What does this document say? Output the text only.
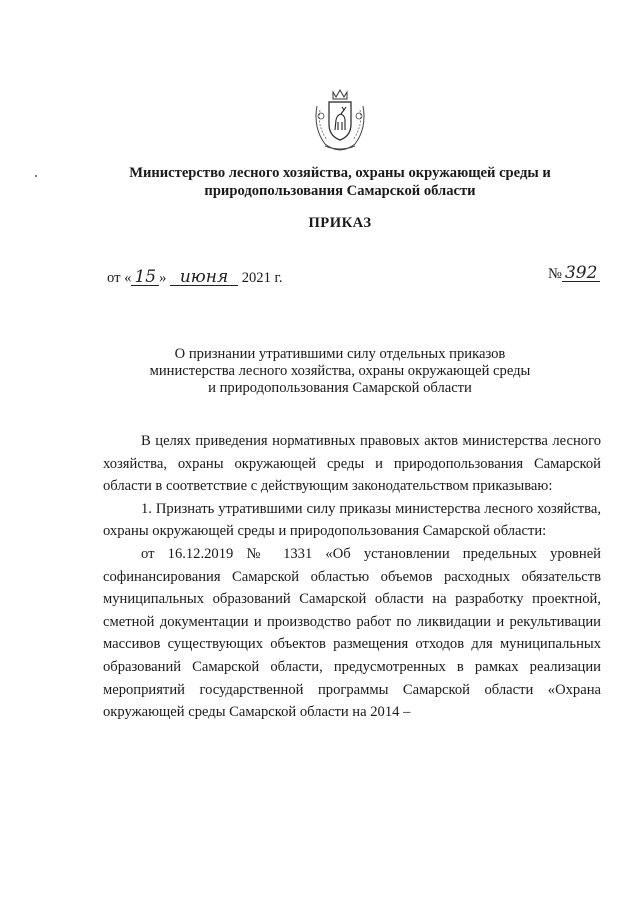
Министерство лесного хозяйства, охраны окружающей среды и
природопользования Самарской области
ПРИКАЗ
от « 15 » июня 2021 г.	№ 392
О признании утратившими силу отдельных приказов
министерства лесного хозяйства, охраны окружающей среды
и природопользования Самарской области

В целях приведения нормативных правовых актов министерства лесного хозяйства, охраны окружающей среды и природопользования Самарской области в соответствие с действующим законодательством приказываю:

1. Признать утратившими силу приказы министерства лесного хозяйства, охраны окружающей среды и природопользования Самарской области:

от 16.12.2019 № 1331 «Об установлении предельных уровней софинансирования Самарской областью объемов расходных обязательств муниципальных образований Самарской области на разработку проектной, сметной документации и производство работ по ликвидации и рекультивации массивов существующих объектов размещения отходов для муниципальных образований Самарской области, предусмотренных в рамках реализации мероприятий государственной программы Самарской области «Охрана окружающей среды Самарской области на 2014 –
